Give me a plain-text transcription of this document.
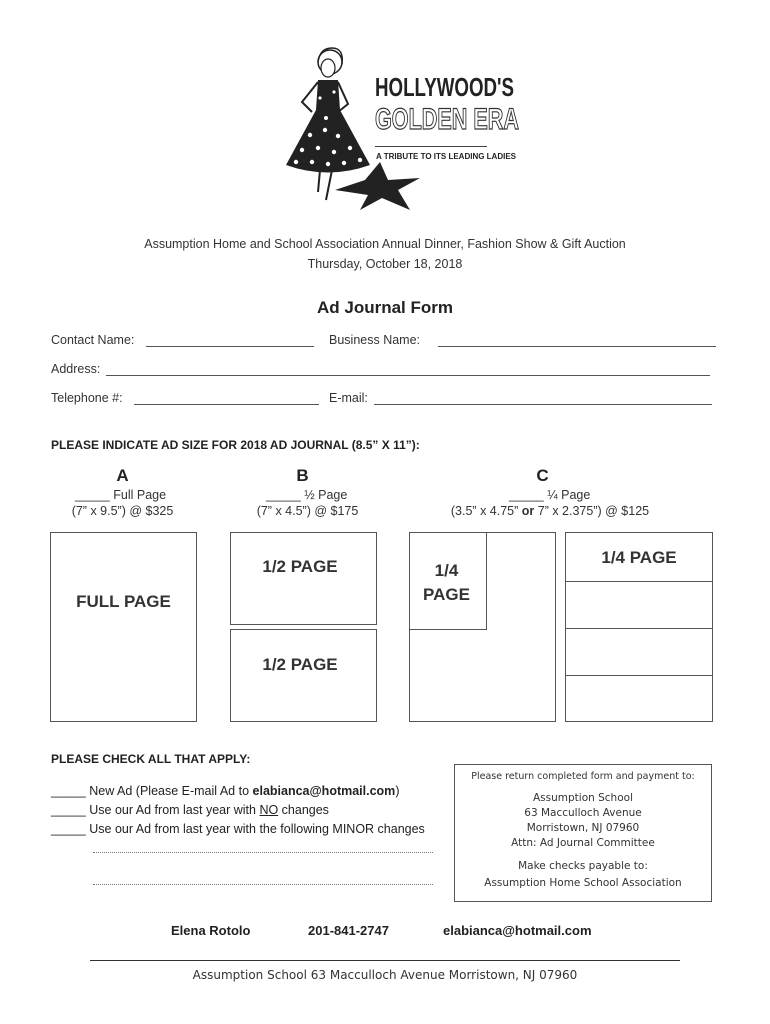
HOLLYWOOD'S
GOLDEN ERA
A TRIBUTE TO ITS LEADING LADIES
Assumption Home and School Association Annual Dinner, Fashion Show & Gift Auction
Thursday, October 18, 2018
Ad Journal Form
Contact Name:	Business Name:
Address:
Telephone #:	E-mail:
PLEASE INDICATE AD SIZE FOR 2018 AD JOURNAL (8.5” X 11”):
A
_____ Full Page
(7” x 9.5”) @ $325
B
_____ ½ Page
(7” x 4.5”) @ $175
C
_____ ¼ Page
(3.5” x 4.75” or 7” x 2.375”) @ $125
FULL PAGE
1/2 PAGE
1/2 PAGE
1/4
PAGE
1/4 PAGE
PLEASE CHECK ALL THAT APPLY:
_____ New Ad (Please E-mail Ad to elabianca@hotmail.com)
_____ Use our Ad from last year with NO changes
_____ Use our Ad from last year with the following MINOR changes
Please return completed form and payment to:
Assumption School
63 Macculloch Avenue
Morristown, NJ 07960
Attn: Ad Journal Committee
Make checks payable to:
Assumption Home School Association
Elena Rotolo	201-841-2747	elabianca@hotmail.com
Assumption School 63 Macculloch Avenue Morristown, NJ 07960
